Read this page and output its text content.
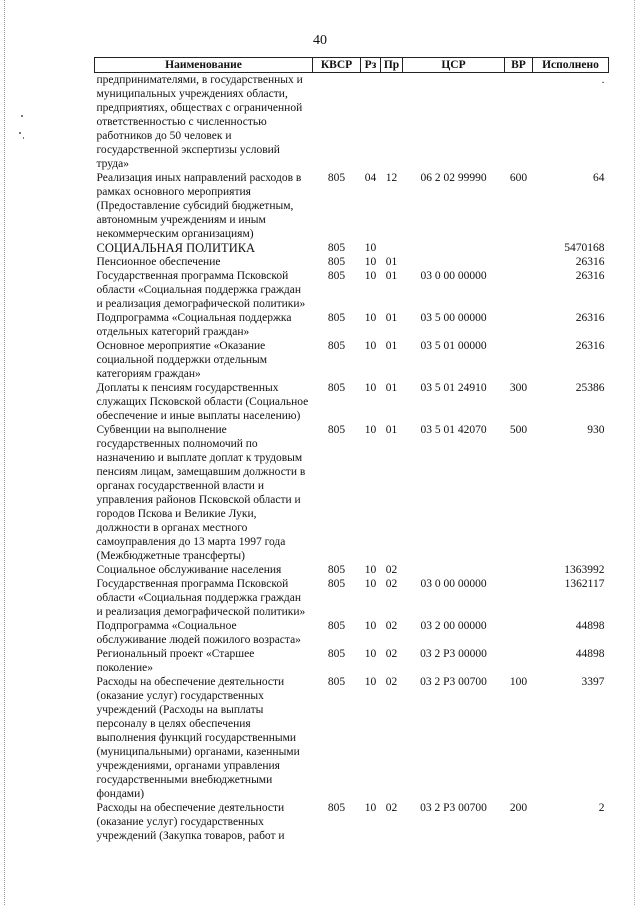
40
Наименование	КВСР	Рз	Пр	ЦСР	ВР	Исполнено
предпринимателями, в государственных и муниципальных учреждениях области, предприятиях, обществах с ограниченной ответственностью с численностью работников до 50 человек и государственной экспертизы условий труда»						.
Реализация иных направлений расходов в рамках основного мероприятия (Предоставление субсидий бюджетным, автономным учреждениям и иным некоммерческим организациям)	805	04	12	06 2 02 99990	600	64
СОЦИАЛЬНАЯ ПОЛИТИКА	805	10				5470168
Пенсионное обеспечение	805	10	01			26316
Государственная программа Псковской области «Социальная поддержка граждан и реализация демографической политики»	805	10	01	03 0 00 00000		26316
Подпрограмма «Социальная поддержка отдельных категорий граждан»	805	10	01	03 5 00 00000		26316
Основное мероприятие «Оказание социальной поддержки отдельным категориям граждан»	805	10	01	03 5 01 00000		26316
Доплаты к пенсиям государственных служащих Псковской области (Социальное обеспечение и иные выплаты населению)	805	10	01	03 5 01 24910	300	25386
Субвенции на выполнение государственных полномочий по назначению и выплате доплат к трудовым пенсиям лицам, замещавшим должности в органах государственной власти и управления районов Псковской области и городов Пскова и Великие Луки, должности в органах местного самоуправления до 13 марта 1997 года (Межбюджетные трансферты)	805	10	01	03 5 01 42070	500	930
Социальное обслуживание населения	805	10	02			1363992
Государственная программа Псковской области «Социальная поддержка граждан и реализация демографической политики»	805	10	02	03 0 00 00000		1362117
Подпрограмма «Социальное обслуживание людей пожилого возраста»	805	10	02	03 2 00 00000		44898
Региональный проект «Старшее поколение»	805	10	02	03 2 P3 00000		44898
Расходы на обеспечение деятельности (оказание услуг) государственных учреждений (Расходы на выплаты персоналу в целях обеспечения выполнения функций государственными (муниципальными) органами, казенными учреждениями, органами управления государственными внебюджетными фондами)	805	10	02	03 2 P3 00700	100	3397
Расходы на обеспечение деятельности (оказание услуг) государственных учреждений (Закупка товаров, работ и	805	10	02	03 2 P3 00700	200	2
